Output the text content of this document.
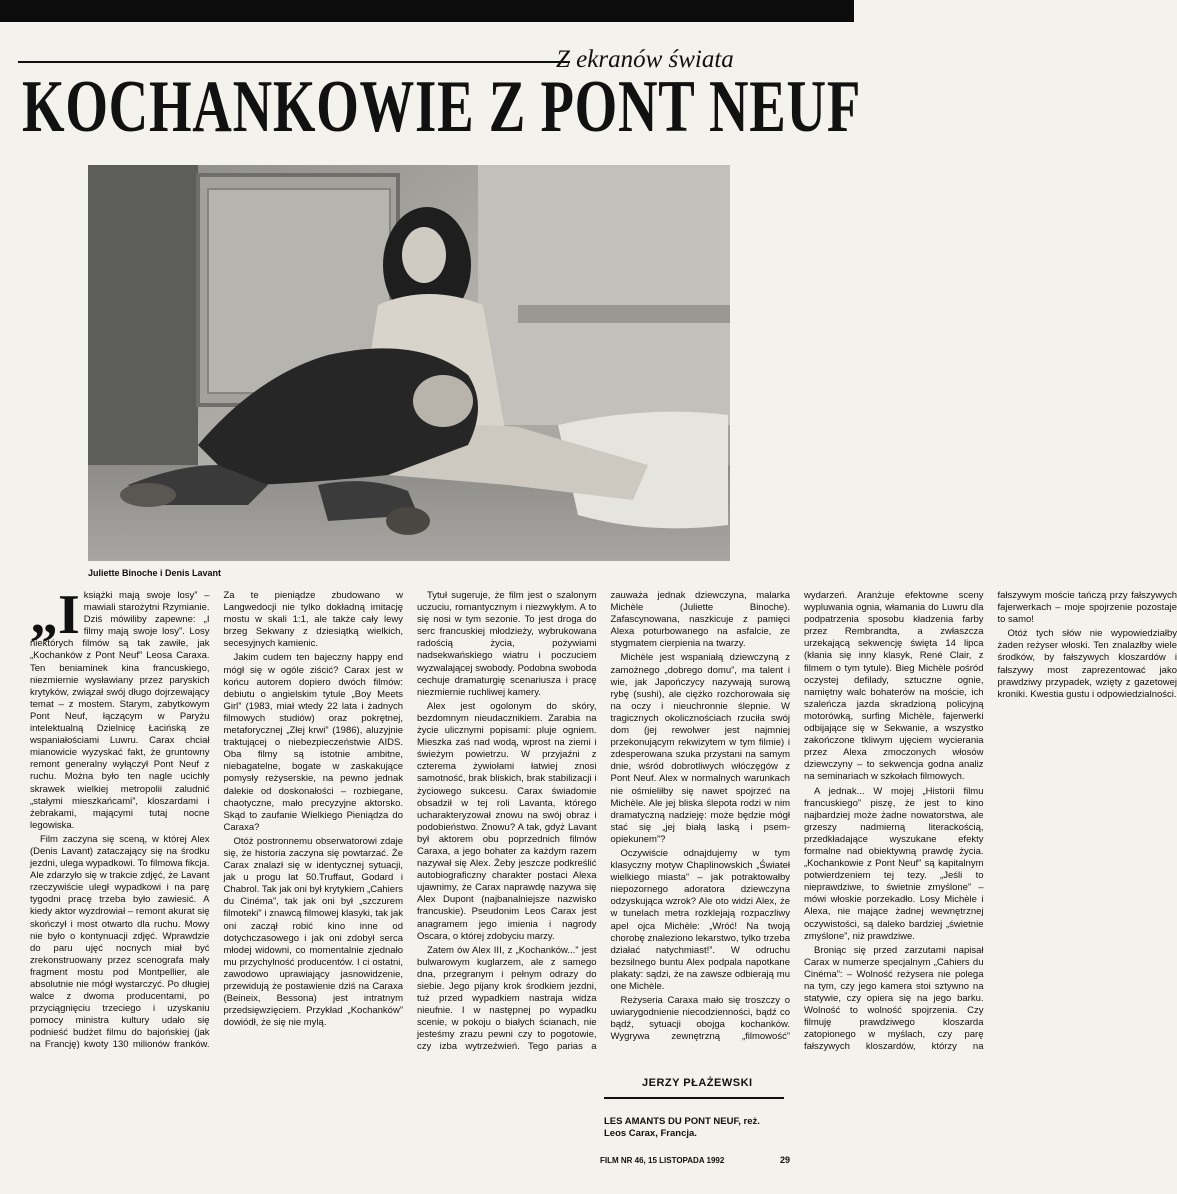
Z ekranów świata
KOCHANKOWIE Z PONT NEUF
Juliette Binoche i Denis Lavant

„I książki mają swoje losy” – mawiali starożytni Rzymianie. Dziś mówiliby zapewne: „I filmy mają swoje losy”. Losy niektórych filmów są tak zawiłe, jak „Kochanków z Pont Neuf” Leosa Caraxa. Ten beniaminek kina francuskiego, niezmiernie wysławiany przez paryskich krytyków, związał swój długo dojrzewający temat – z mostem. Starym, zabytkowym Pont Neuf, łączącym w Paryżu intelektualną Dzielnicę Łacińską ze wspaniałościami Luwru. Carax chciał mianowicie wyzyskać fakt, że gruntowny remont generalny wyłączył Pont Neuf z ruchu. Można było ten nagle ucichły skrawek wielkiej metropolii zaludnić „stałymi mieszkańcami”, kloszardami i żebrakami, mającymi tutaj nocne legowiska.

Film zaczyna się sceną, w której Alex (Denis Lavant) zataczający się na środku jezdni, ulega wypadkowi. To filmowa fikcja. Ale zdarzyło się w trakcie zdjęć, że Lavant rzeczywiście uległ wypadkowi i na parę tygodni pracę trzeba było zawiesić. A kiedy aktor wyzdrowiał – remont akurat się skończył i most otwarto dla ruchu. Mowy nie było o kontynuacji zdjęć. Wprawdzie do paru ujęć nocnych miał być zrekonstruowany przez scenografa mały fragment mostu pod Montpellier, ale absolutnie nie mógł wystarczyć. Po długiej walce z dwoma producentami, po przyciągnięciu trzeciego i uzyskaniu pomocy ministra kultury udało się podnieść budżet filmu do bajońskiej (jak na Francję) kwoty 130 milionów franków. Za te pieniądze zbudowano w Langwedocji nie tylko dokładną imitację mostu w skali 1:1, ale także cały lewy brzeg Sekwany z dziesiątką wielkich, secesyjnych kamienic.

Jakim cudem ten bajeczny happy end mógł się w ogóle ziścić? Carax jest w końcu autorem dopiero dwóch filmów: debiutu o angielskim tytule „Boy Meets Girl” (1983, miał wtedy 22 lata i żadnych filmowych studiów) oraz pokrętnej, metaforycznej „Złej krwi” (1986), aluzyjnie traktującej o niebezpieczeństwie AIDS. Oba filmy są istotnie ambitne, niebagatelne, bogate w zaskakujące pomysły reżyserskie, na pewno jednak dalekie od doskonałości – rozbiegane, chaotyczne, mało precyzyjne aktorsko. Skąd to zaufanie Wielkiego Pieniądza do Caraxa?

Otóż postronnemu obserwatorowi zdaje się, że historia zaczyna się powtarzać. Że Carax znalazł się w identycznej sytuacji, jak u progu lat 50.Truffaut, Godard i Chabrol. Tak jak oni był krytykiem „Cahiers du Cinéma”, tak jak oni był „szczurem filmoteki” i znawcą filmowej klasyki, tak jak oni zaczął robić kino inne od dotychczasowego i jak oni zdobył serca młodej widowni, co momentalnie zjednało mu przychylność producentów. I ci ostatni, zawodowo uprawiający jasnowidzenie, przewidują że postawienie dziś na Caraxa (Beineix, Bessona) jest intratnym przedsięwzięciem. Przykład „Kochanków” dowiódł, że się nie mylą.

Tytuł sugeruje, że film jest o szalonym uczuciu, romantycznym i niezwykłym. A to się nosi w tym sezonie. To jest droga do serc francuskiej młodzieży, wybrukowana radością życia, pożywiami nadsekwańskiego wiatru i poczuciem wyzwalającej swobody. Podobna swoboda cechuje dramaturgię scenariusza i pracę niezmiernie ruchliwej kamery.

Alex jest ogolonym do skóry, bezdomnym nieudacznikiem. Zarabia na życie ulicznymi popisami: pluje ogniem. Mieszka zaś nad wodą, wprost na ziemi i świeżym powietrzu. W przyjaźni z czterema żywiołami łatwiej znosi samotność, brak bliskich, brak stabilizacji i życiowego sukcesu. Carax świadomie obsadził w tej roli Lavanta, którego ucharakteryzował znowu na swój obraz i podobieństwo. Znowu? A tak, gdyż Lavant był aktorem obu poprzednich filmów Caraxa, a jego bohater za każdym razem nazywał się Alex. Żeby jeszcze podkreślić autobiograficzny charakter postaci Alexa ujawnimy, że Carax naprawdę nazywa się Alex Dupont (najbanalniejsze nazwisko francuskie). Pseudonim Leos Carax jest anagramem jego imienia i nagrody Oscara, o której zdobyciu marzy.

Zatem ów Alex III, z „Kochanków...” jest bulwarowym kuglarzem, ale z samego dna, przegranym i pełnym odrazy do siebie. Jego pijany krok środkiem jezdni, tuż przed wypadkiem nastraja widza nieufnie. I w następnej po wypadku scenie, w pokoju o białych ścianach, nie jesteśmy zrazu pewni czy to pogotowie, czy izba wytrzeźwień. Tego parias a zauważa jednak dziewczyna, malarka Michèle (Juliette Binoche). Zafascynowana, naszkicuje z pamięci Alexa poturbowanego na asfalcie, ze stygmatem cierpienia na twarzy.

Michèle jest wspaniałą dziewczyną z zamożnego „dobrego domu”, ma talent i wie, jak Japończycy nazywają surową rybę (sushi), ale ciężko rozchorowała się na oczy i nieuchronnie ślepnie. W tragicznych okolicznościach rzuciła swój dom (jej rewolwer jest najmniej przekonującym rekwizytem w tym filmie) i zdesperowana szuka przystani na samym dnie, wśród dobrotliwych włóczęgów z Pont Neuf. Alex w normalnych warunkach nie ośmieliłby się nawet spojrzeć na Michèle. Ale jej bliska ślepota rodzi w nim dramatyczną nadzieję: może będzie mógł stać się „jej białą laską i psem-opiekunem”?

Oczywiście odnajdujemy w tym klasyczny motyw Chaplinowskich „Świateł wielkiego miasta” – jak potraktowałby niepozornego adoratora dziewczyna odzyskująca wzrok? Ale oto widzi Alex, że w tunelach metra rozklejają rozpaczliwy apel ojca Michèle: „Wróć! Na twoją chorobę znaleziono lekarstwo, tylko trzeba działać natychmiast!”. W odruchu bezsilnego buntu Alex podpala napotkane plakaty: sądzi, że na zawsze odbierają mu one Michèle.

Reżyseria Caraxa mało się troszczy o uwiarygodnienie niecodzienności, bądź co bądź, sytuacji obojga kochanków. Wygrywa zewnętrzną „filmowość” wydarzeń. Aranżuje efektowne sceny wypluwania ognia, włamania do Luwru dla podpatrzenia sposobu kładzenia farby przez Rembrandta, a zwłaszcza urzekającą sekwencję święta 14 lipca (kłania się inny klasyk, René Clair, z filmem o tym tytule). Bieg Michèle pośród oczystej defilady, sztuczne ognie, namiętny walc bohaterów na moście, ich szaleńcza jazda skradzioną policyjną motorówką, surfing Michèle, fajerwerki odbijające się w Sekwanie, a wszystko zakończone tkliwym ujęciem wycierania przez Alexa zmoczonych włosów dziewczyny – to sekwencja godna analiz na seminariach w szkołach filmowych.

A jednak... W mojej „Historii filmu francuskiego” piszę, że jest to kino najbardziej może żadne nowatorstwa, ale grzeszy nadmierną literackością, przedkładające wyszukane efekty formalne nad obiektywną prawdę życia. „Kochankowie z Pont Neuf” są kapitalnym potwierdzeniem tej tezy. „Jeśli to nieprawdziwe, to świetnie zmyślone” – mówi włoskie porzekadło. Losy Michèle i Alexa, nie mające żadnej wewnętrznej oczywistości, są daleko bardziej „świetnie zmyślone”, niż prawdziwe.

Broniąc się przed zarzutami napisał Carax w numerze specjalnym „Cahiers du Cinéma”: – Wolność reżysera nie polega na tym, czy jego kamera stoi sztywno na statywie, czy opiera się na jego barku. Wolność to wolność spojrzenia. Czy filmuję prawdziwego kloszarda zatopionego w myślach, czy parę fałszywych kloszardów, którzy na fałszywym moście tańczą przy fałszywych fajerwerkach – moje spojrzenie pozostaje to samo!

Otóż tych słów nie wypowiedziałby żaden reżyser włoski. Ten znalazłby wiele środków, by fałszywych kloszardów i fałszywy most zaprezentować jako prawdziwy przypadek, wzięty z gazetowej kroniki. Kwestia gustu i odpowiedzialności.

JERZY PŁAŻEWSKI
LES AMANTS DU PONT NEUF, reż. Leos Carax, Francja.
FILM NR 46, 15 LISTOPADA 1992	29
